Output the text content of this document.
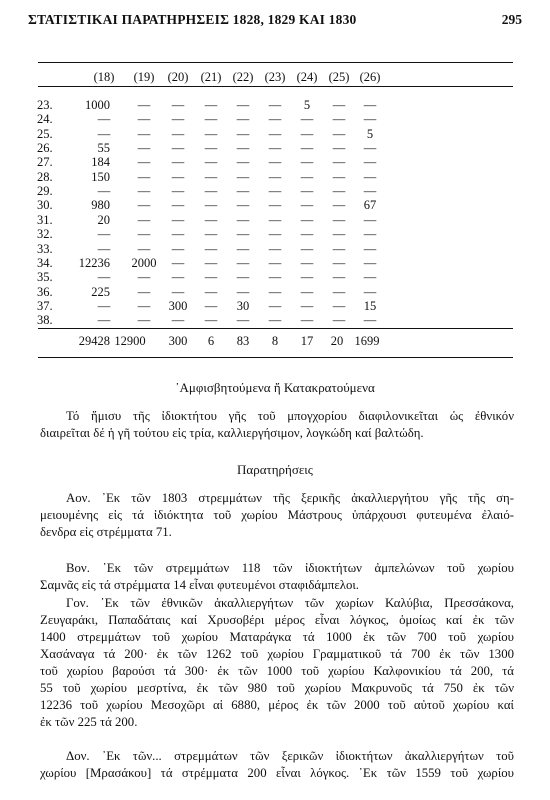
ΣΤΑΤΙΣΤΙΚΑΙ ΠΑΡΑΤΗΡΗΣΕΙΣ 1828, 1829 ΚΑΙ 1830	295
(18)	(19)	(20) (21) (22) (23) (24) (25) (26)
23.	1000	—	—	—	—	—	5	—	—
24.	—	—	—	—	—	—	—	—	—
25.	—	—	—	—	—	—	—	—	5
26.	55	—	—	—	—	—	—	—	—
27.	184	—	—	—	—	—	—	—	—
28.	150	—	—	—	—	—	—	—	—
29.	—	—	—	—	—	—	—	—	—
30.	980	—	—	—	—	—	—	—	67
31.	20	—	—	—	—	—	—	—	—
32.	—	—	—	—	—	—	—	—	—
33.	—	—	—	—	—	—	—	—	—
34.	12236 2000	—	—	—	—	—	—	—
35.	—	—	—	—	—	—	—	—	—
36.	225	—	—	—	—	—	—	—	—
37.	—	—	300	—	30	—	—	—	15
38.	—	—	—	—	—	—	—	—	—
29428 12900	300	6	83	8	17	20 1699
᾽Αμφισβητούμενα ἤ Κατακρατούμενα
Τό ἥμισυ τῆς ἰδιοκτήτου γῆς τοῦ μπογχορίου διαφιλονικεῖται ὡς ἐθνικόν
διαιρεῖται δέ ἡ γῆ τούτου εἰς τρία, καλλιεργήσιμον, λογκώδη καί βαλτώδη.
Παρατηρήσεις
Αον. ᾽Εκ τῶν 1803 στρεμμάτων τῆς ξερικῆς ἀκαλλιεργήτου γῆς τῆς ση-
μειουμένης εἰς τά ἰδιόκτητα τοῦ χωρίου Μάστρους ὑπάρχουσι φυτευμένα ἐλαιό-
δενδρα εἰς στρέμματα 71.
Βον. ᾽Εκ τῶν στρεμμάτων 118 τῶν ἰδιοκτήτων ἀμπελώνων τοῦ χωρίου
Σαμνᾶς εἰς τά στρέμματα 14 εἶναι φυτευμένοι σταφιδάμπελοι.
Γον. ᾽Εκ τῶν ἐθνικῶν ἀκαλλιεργήτων τῶν χωρίων Καλύβια, Πρεσσάκονα,
Ζευγαράκι, Παπαδάταις καί Χρυσοβέρι μέρος εἶναι λόγκος, ὁμοίως καί ἐκ τῶν
1400 στρεμμάτων τοῦ χωρίου Ματαράγκα τά 1000 ἐκ τῶν 700 τοῦ χωρίου
Χασάναγα τά 200· ἐκ τῶν 1262 τοῦ χωρίου Γραμματικοῦ τά 700 ἐκ τῶν 1300
τοῦ χωρίου βαρούσι τά 300· ἐκ τῶν 1000 τοῦ χωρίου Καλφονικίου τά 200, τά
55 τοῦ χωρίου μεσρτίνα, ἐκ τῶν 980 τοῦ χωρίου Μακρυνοῦς τά 750 ἐκ τῶν
12236 τοῦ χωρίου Μεσοχῶρι αἱ 6880, μέρος ἐκ τῶν 2000 τοῦ αὐτοῦ χωρίου καί
ἐκ τῶν 225 τά 200.
Δον. ᾽Εκ τῶν... στρεμμάτων τῶν ξερικῶν ἰδιοκτήτων ἀκαλλιεργήτων τοῦ
χωρίου [Μρασάκου] τά στρέμματα 200 εἶναι λόγκος. ᾽Εκ τῶν 1559 τοῦ χωρίου
